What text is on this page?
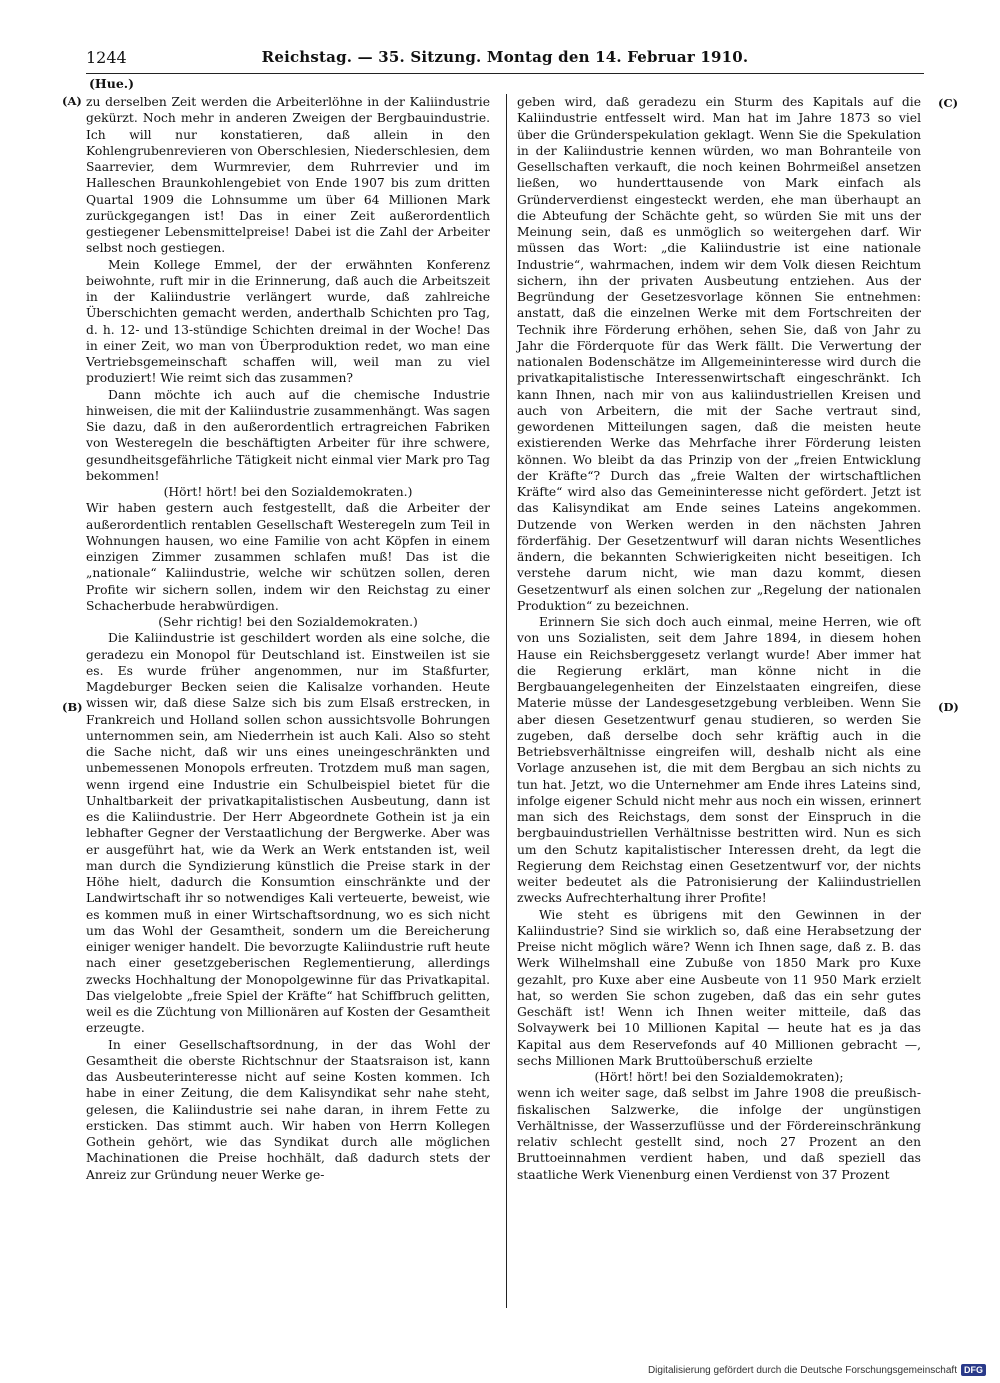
1244	Reichstag. — 35. Sitzung. Montag den 14. Februar 1910.
(Hue.)
(A)
(B)
(C)
(D)

zu derselben Zeit werden die Arbeiterlöhne in der Kaliindustrie gekürzt. Noch mehr in anderen Zweigen der Bergbauindustrie. Ich will nur konstatieren, daß allein in den Kohlengrubenrevieren von Oberschlesien, Niederschlesien, dem Saarrevier, dem Wurmrevier, dem Ruhrrevier und im Halleschen Braunkohlengebiet von Ende 1907 bis zum dritten Quartal 1909 die Lohnsumme um über 64 Millionen Mark zurückgegangen ist! Das in einer Zeit außerordentlich gestiegener Lebensmittelpreise! Dabei ist die Zahl der Arbeiter selbst noch gestiegen.

Mein Kollege Emmel, der der erwähnten Konferenz beiwohnte, ruft mir in die Erinnerung, daß auch die Arbeitszeit in der Kaliindustrie verlängert wurde, daß zahlreiche Überschichten gemacht werden, anderthalb Schichten pro Tag, d. h. 12- und 13-stündige Schichten dreimal in der Woche! Das in einer Zeit, wo man von Überproduktion redet, wo man eine Vertriebsgemeinschaft schaffen will, weil man zu viel produziert! Wie reimt sich das zusammen?

Dann möchte ich auch auf die chemische Industrie hinweisen, die mit der Kaliindustrie zusammenhängt. Was sagen Sie dazu, daß in den außerordentlich ertragreichen Fabriken von Westeregeln die beschäftigten Arbeiter für ihre schwere, gesundheitsgefährliche Tätigkeit nicht einmal vier Mark pro Tag bekommen!

(Hört! hört! bei den Sozialdemokraten.)

Wir haben gestern auch festgestellt, daß die Arbeiter der außerordentlich rentablen Gesellschaft Westeregeln zum Teil in Wohnungen hausen, wo eine Familie von acht Köpfen in einem einzigen Zimmer zusammen schlafen muß! Das ist die „nationale“ Kaliindustrie, welche wir schützen sollen, deren Profite wir sichern sollen, indem wir den Reichstag zu einer Schacherbude herabwürdigen.

(Sehr richtig! bei den Sozialdemokraten.)

Die Kaliindustrie ist geschildert worden als eine solche, die geradezu ein Monopol für Deutschland ist. Einstweilen ist sie es. Es wurde früher angenommen, nur im Staßfurter, Magdeburger Becken seien die Kalisalze vorhanden. Heute wissen wir, daß diese Salze sich bis zum Elsaß erstrecken, in Frankreich und Holland sollen schon aussichtsvolle Bohrungen unternommen sein, am Niederrhein ist auch Kali. Also so steht die Sache nicht, daß wir uns eines uneingeschränkten und unbemessenen Monopols erfreuten. Trotzdem muß man sagen, wenn irgend eine Industrie ein Schulbeispiel bietet für die Unhaltbarkeit der privatkapitalistischen Ausbeutung, dann ist es die Kaliindustrie. Der Herr Abgeordnete Gothein ist ja ein lebhafter Gegner der Verstaatlichung der Bergwerke. Aber was er ausgeführt hat, wie da Werk an Werk entstanden ist, weil man durch die Syndizierung künstlich die Preise stark in der Höhe hielt, dadurch die Konsumtion einschränkte und der Landwirtschaft ihr so notwendiges Kali verteuerte, beweist, wie es kommen muß in einer Wirtschaftsordnung, wo es sich nicht um das Wohl der Gesamtheit, sondern um die Bereicherung einiger weniger handelt. Die bevorzugte Kaliindustrie ruft heute nach einer gesetzgeberischen Reglementierung, allerdings zwecks Hochhaltung der Monopolgewinne für das Privatkapital. Das vielgelobte „freie Spiel der Kräfte“ hat Schiffbruch gelitten, weil es die Züchtung von Millionären auf Kosten der Gesamtheit erzeugte.

In einer Gesellschaftsordnung, in der das Wohl der Gesamtheit die oberste Richtschnur der Staatsraison ist, kann das Ausbeuterinteresse nicht auf seine Kosten kommen. Ich habe in einer Zeitung, die dem Kalisyndikat sehr nahe steht, gelesen, die Kaliindustrie sei nahe daran, in ihrem Fette zu ersticken. Das stimmt auch. Wir haben von Herrn Kollegen Gothein gehört, wie das Syndikat durch alle möglichen Machinationen die Preise hochhält, daß dadurch stets der Anreiz zur Gründung neuer Werke ge-

geben wird, daß geradezu ein Sturm des Kapitals auf die Kaliindustrie entfesselt wird. Man hat im Jahre 1873 so viel über die Gründerspekulation geklagt. Wenn Sie die Spekulation in der Kaliindustrie kennen würden, wo man Bohranteile von Gesellschaften verkauft, die noch keinen Bohrmeißel ansetzen ließen, wo hunderttausende von Mark einfach als Gründerverdienst eingesteckt werden, ehe man überhaupt an die Abteufung der Schächte geht, so würden Sie mit uns der Meinung sein, daß es unmöglich so weitergehen darf. Wir müssen das Wort: „die Kaliindustrie ist eine nationale Industrie“, wahrmachen, indem wir dem Volk diesen Reichtum sichern, ihn der privaten Ausbeutung entziehen. Aus der Begründung der Gesetzesvorlage können Sie entnehmen: anstatt, daß die einzelnen Werke mit dem Fortschreiten der Technik ihre Förderung erhöhen, sehen Sie, daß von Jahr zu Jahr die Förderquote für das Werk fällt. Die Verwertung der nationalen Bodenschätze im Allgemeininteresse wird durch die privatkapitalistische Interessenwirtschaft eingeschränkt. Ich kann Ihnen, nach mir von aus kaliindustriellen Kreisen und auch von Arbeitern, die mit der Sache vertraut sind, gewordenen Mitteilungen sagen, daß die meisten heute existierenden Werke das Mehrfache ihrer Förderung leisten können. Wo bleibt da das Prinzip von der „freien Entwicklung der Kräfte“? Durch das „freie Walten der wirtschaftlichen Kräfte“ wird also das Gemeininteresse nicht gefördert. Jetzt ist das Kalisyndikat am Ende seines Lateins angekommen. Dutzende von Werken werden in den nächsten Jahren förderfähig. Der Gesetzentwurf will daran nichts Wesentliches ändern, die bekannten Schwierigkeiten nicht beseitigen. Ich verstehe darum nicht, wie man dazu kommt, diesen Gesetzentwurf als einen solchen zur „Regelung der nationalen Produktion“ zu bezeichnen.

Erinnern Sie sich doch auch einmal, meine Herren, wie oft von uns Sozialisten, seit dem Jahre 1894, in diesem hohen Hause ein Reichsberggesetz verlangt wurde! Aber immer hat die Regierung erklärt, man könne nicht in die Bergbauangelegenheiten der Einzelstaaten eingreifen, diese Materie müsse der Landesgesetzgebung verbleiben. Wenn Sie aber diesen Gesetzentwurf genau studieren, so werden Sie zugeben, daß derselbe doch sehr kräftig auch in die Betriebsverhältnisse eingreifen will, deshalb nicht als eine Vorlage anzusehen ist, die mit dem Bergbau an sich nichts zu tun hat. Jetzt, wo die Unternehmer am Ende ihres Lateins sind, infolge eigener Schuld nicht mehr aus noch ein wissen, erinnert man sich des Reichstags, dem sonst der Einspruch in die bergbauindustriellen Verhältnisse bestritten wird. Nun es sich um den Schutz kapitalistischer Interessen dreht, da legt die Regierung dem Reichstag einen Gesetzentwurf vor, der nichts weiter bedeutet als die Patronisierung der Kaliindustriellen zwecks Aufrechterhaltung ihrer Profite!

Wie steht es übrigens mit den Gewinnen in der Kaliindustrie? Sind sie wirklich so, daß eine Herabsetzung der Preise nicht möglich wäre? Wenn ich Ihnen sage, daß z. B. das Werk Wilhelmshall eine Zubuße von 1850 Mark pro Kuxe gezahlt, pro Kuxe aber eine Ausbeute von 11 950 Mark erzielt hat, so werden Sie schon zugeben, daß das ein sehr gutes Geschäft ist! Wenn ich Ihnen weiter mitteile, daß das Solvaywerk bei 10 Millionen Kapital — heute hat es ja das Kapital aus dem Reservefonds auf 40 Millionen gebracht —, sechs Millionen Mark Bruttoüberschuß erzielte

(Hört! hört! bei den Sozialdemokraten);

wenn ich weiter sage, daß selbst im Jahre 1908 die preußisch-fiskalischen Salzwerke, die infolge der ungünstigen Verhältnisse, der Wasserzuflüsse und der Fördereinschränkung relativ schlecht gestellt sind, noch 27 Prozent an den Bruttoeinnahmen verdient haben, und daß speziell das staatliche Werk Vienenburg einen Verdienst von 37 Prozent

Digitalisierung gefördert durch die Deutsche Forschungsgemeinschaft DFG
